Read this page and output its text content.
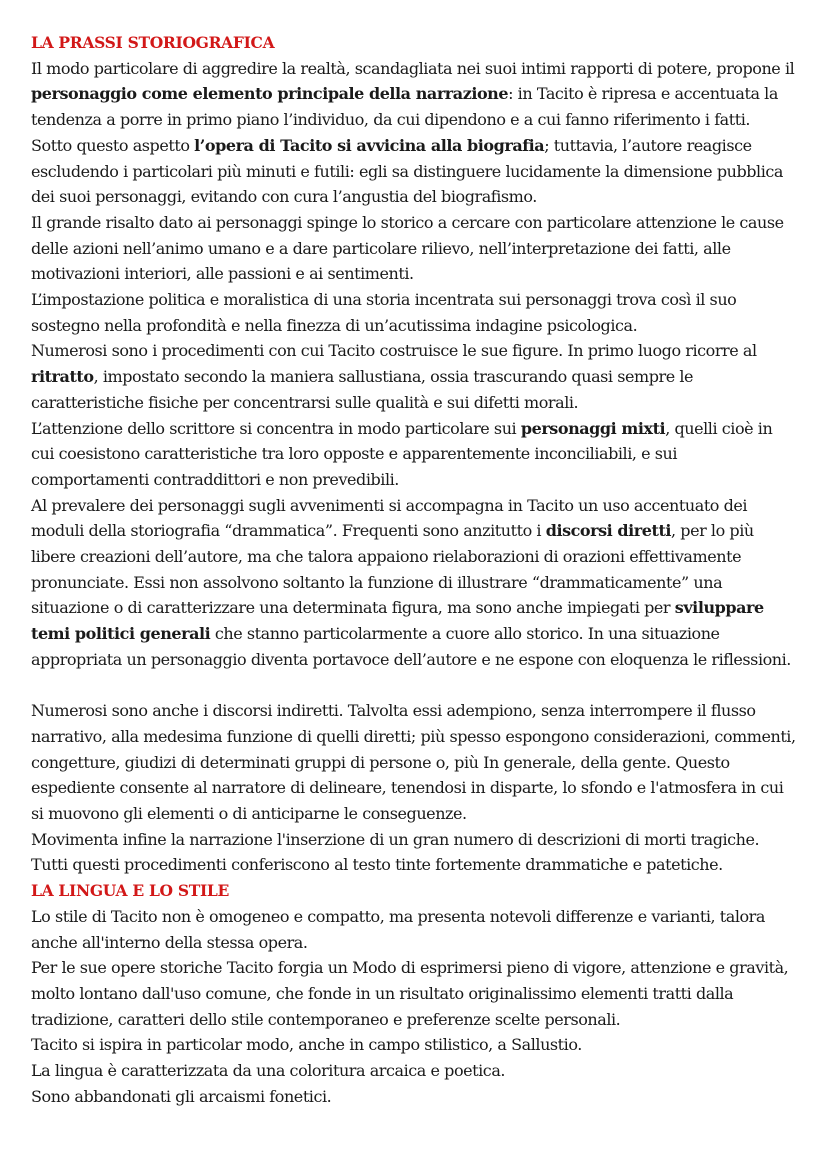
LA PRASSI STORIOGRAFICA

Il modo particolare di aggredire la realtà, scandagliata nei suoi intimi rapporti di potere, propone il personaggio come elemento principale della narrazione: in Tacito è ripresa e accentuata la tendenza a porre in primo piano l’individuo, da cui dipendono e a cui fanno riferimento i fatti.

Sotto questo aspetto l’opera di Tacito si avvicina alla biografia; tuttavia, l’autore reagisce escludendo i particolari più minuti e futili: egli sa distinguere lucidamente la dimensione pubblica dei suoi personaggi, evitando con cura l’angustia del biografismo.

Il grande risalto dato ai personaggi spinge lo storico a cercare con particolare attenzione le cause delle azioni nell’animo umano e a dare particolare rilievo, nell’interpretazione dei fatti, alle motivazioni interiori, alle passioni e ai sentimenti.

L’impostazione politica e moralistica di una storia incentrata sui personaggi trova così il suo sostegno nella profondità e nella finezza di un’acutissima indagine psicologica.

Numerosi sono i procedimenti con cui Tacito costruisce le sue figure. In primo luogo ricorre al ritratto, impostato secondo la maniera sallustiana, ossia trascurando quasi sempre le caratteristiche fisiche per concentrarsi sulle qualità e sui difetti morali.

L’attenzione dello scrittore si concentra in modo particolare sui personaggi mixti, quelli cioè in cui coesistono caratteristiche tra loro opposte e apparentemente inconciliabili, e sui comportamenti contraddittori e non prevedibili.

Al prevalere dei personaggi sugli avvenimenti si accompagna in Tacito un uso accentuato dei moduli della storiografia “drammatica”. Frequenti sono anzitutto i discorsi diretti, per lo più libere creazioni dell’autore, ma che talora appaiono rielaborazioni di orazioni effettivamente pronunciate. Essi non assolvono soltanto la funzione di illustrare “drammaticamente” una situazione o di caratterizzare una determinata figura, ma sono anche impiegati per sviluppare temi politici generali che stanno particolarmente a cuore allo storico. In una situazione appropriata un personaggio diventa portavoce dell’autore e ne espone con eloquenza le riflessioni.

Numerosi sono anche i discorsi indiretti. Talvolta essi adempiono, senza interrompere il flusso narrativo, alla medesima funzione di quelli diretti; più spesso espongono considerazioni, commenti, congetture, giudizi di determinati gruppi di persone o, più In generale, della gente. Questo espediente consente al narratore di delineare, tenendosi in disparte, lo sfondo e l'atmosfera in cui si muovono gli elementi o di anticiparne le conseguenze.

Movimenta infine la narrazione l'inserzione di un gran numero di descrizioni di morti tragiche.

Tutti questi procedimenti conferiscono al testo tinte fortemente drammatiche e patetiche.

LA LINGUA E LO STILE

Lo stile di Tacito non è omogeneo e compatto, ma presenta notevoli differenze e varianti, talora anche all'interno della stessa opera.

Per le sue opere storiche Tacito forgia un Modo di esprimersi pieno di vigore, attenzione e gravità, molto lontano dall'uso comune, che fonde in un risultato originalissimo elementi tratti dalla tradizione, caratteri dello stile contemporaneo e preferenze scelte personali.

Tacito si ispira in particolar modo, anche in campo stilistico, a Sallustio.

La lingua è caratterizzata da una coloritura arcaica e poetica.

Sono abbandonati gli arcaismi fonetici.
